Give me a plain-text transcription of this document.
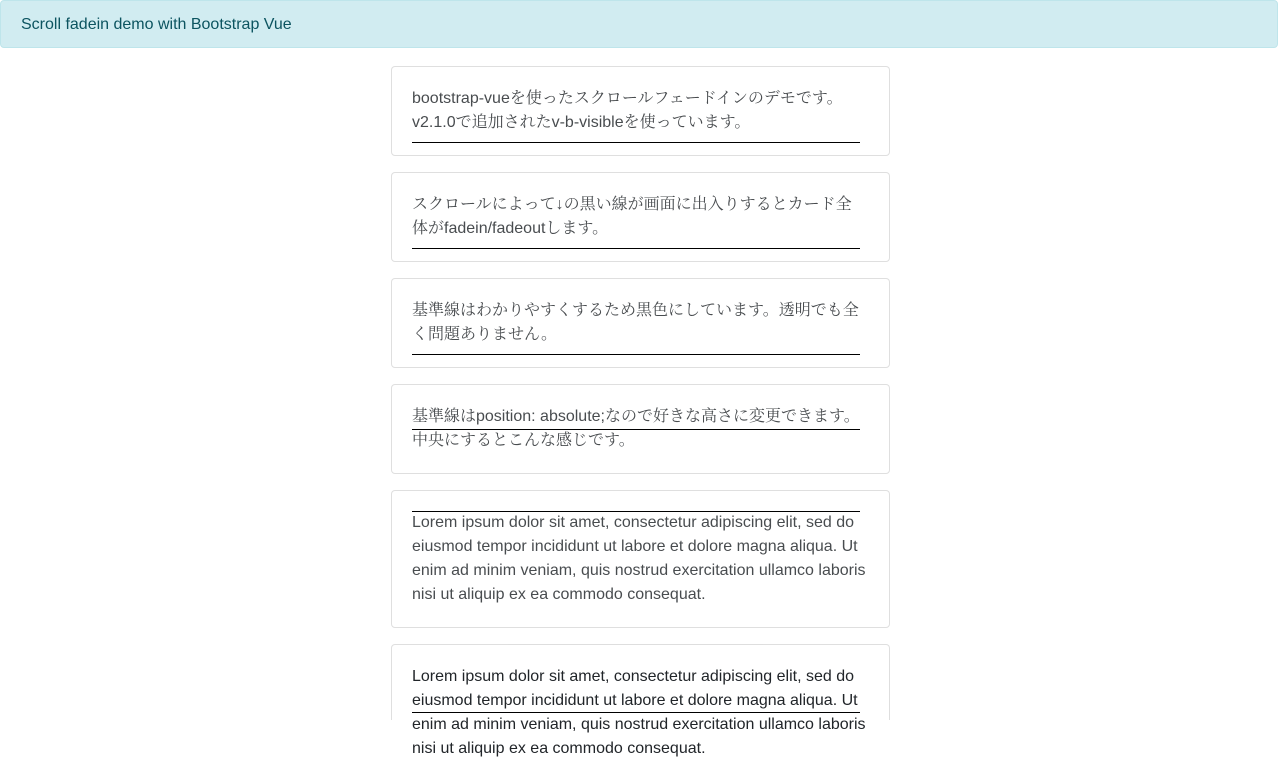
Scroll fadein demo with Bootstrap Vue
bootstrap-vueを使ったスクロールフェードインのデモです。
v2.1.0で追加されたv-b-visibleを使っています。
スクロールによって↓の黒い線が画面に出入りするとカード全
体がfadein/fadeoutします。
基準線はわかりやすくするため黒色にしています。透明でも全
く問題ありません。
基準線はposition: absolute;なので好きな高さに変更できます。
中央にするとこんな感じです。
Lorem ipsum dolor sit amet, consectetur adipiscing elit, sed do
eiusmod tempor incididunt ut labore et dolore magna aliqua. Ut
enim ad minim veniam, quis nostrud exercitation ullamco laboris
nisi ut aliquip ex ea commodo consequat.
Lorem ipsum dolor sit amet, consectetur adipiscing elit, sed do
eiusmod tempor incididunt ut labore et dolore magna aliqua. Ut
enim ad minim veniam, quis nostrud exercitation ullamco laboris
nisi ut aliquip ex ea commodo consequat.
